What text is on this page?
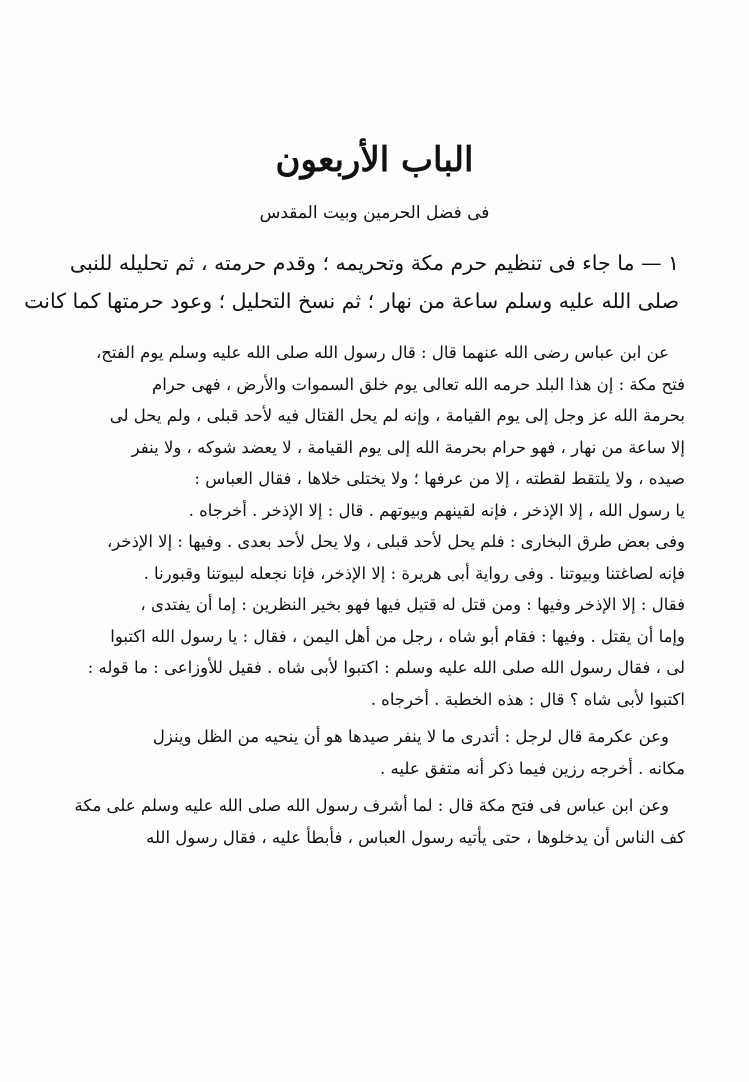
الباب الأربعون
فى فضل الحرمين وبيت المقدس
١ — ما جاء فى تنظيم حرم مكة وتحريمه ؛ وقدم حرمته ، ثم تحليله للنبى
صلى الله عليه وسلم ساعة من نهار ؛ ثم نسخ التحليل ؛ وعود حرمتها كما كانت
عن ابن عباس رضى الله عنهما قال : قال رسول الله صلى الله عليه وسلم يوم الفتح،
فتح مكة : إن هذا البلد حرمه الله تعالى يوم خلق السموات والأرض ، فهى حرام
بحرمة الله عز وجل إلى يوم القيامة ، وإنه لم يحل القتال فيه لأحد قبلى ، ولم يحل لى
إلا ساعة من نهار ، فهو حرام بحرمة الله إلى يوم القيامة ، لا يعضد شوكه ، ولا ينفر
صيده ، ولا يلتقط لقطته ، إلا من عرفها ؛ ولا يختلى خلاها ، فقال العباس :
يا رسول الله ، إلا الإذخر ، فإنه لقينهم وبيوتهم . قال : إلا الإذخر . أخرجاه .
وفى بعض طرق البخارى : فلم يحل لأحد قبلى ، ولا يحل لأحد بعدى . وفيها : إلا الإذخر،
فإنه لصاغتنا وبيوتنا . وفى رواية أبى هريرة : إلا الإذخر، فإنا نجعله لبيوتنا وقبورنا .
فقال : إلا الإذخر وفيها : ومن قتل له قتيل فيها فهو بخير النظرين : إما أن يفتدى ،
وإما أن يقتل . وفيها : فقام أبو شاه ، رجل من أهل اليمن ، فقال : يا رسول الله اكتبوا
لى ، فقال رسول الله صلى الله عليه وسلم : اكتبوا لأبى شاه . فقيل للأوزاعى : ما قوله :
اكتبوا لأبى شاه ؟ قال : هذه الخطبة . أخرجاه .
وعن عكرمة قال لرجل : أتدرى ما لا ينفر صيدها هو أن ينحيه من الظل وينزل
مكانه . أخرجه رزين فيما ذكر أنه متفق عليه .
وعن ابن عباس فى فتح مكة قال : لما أشرف رسول الله صلى الله عليه وسلم على مكة
كف الناس أن يدخلوها ، حتى يأتيه رسول العباس ، فأبطأ عليه ، فقال رسول الله
